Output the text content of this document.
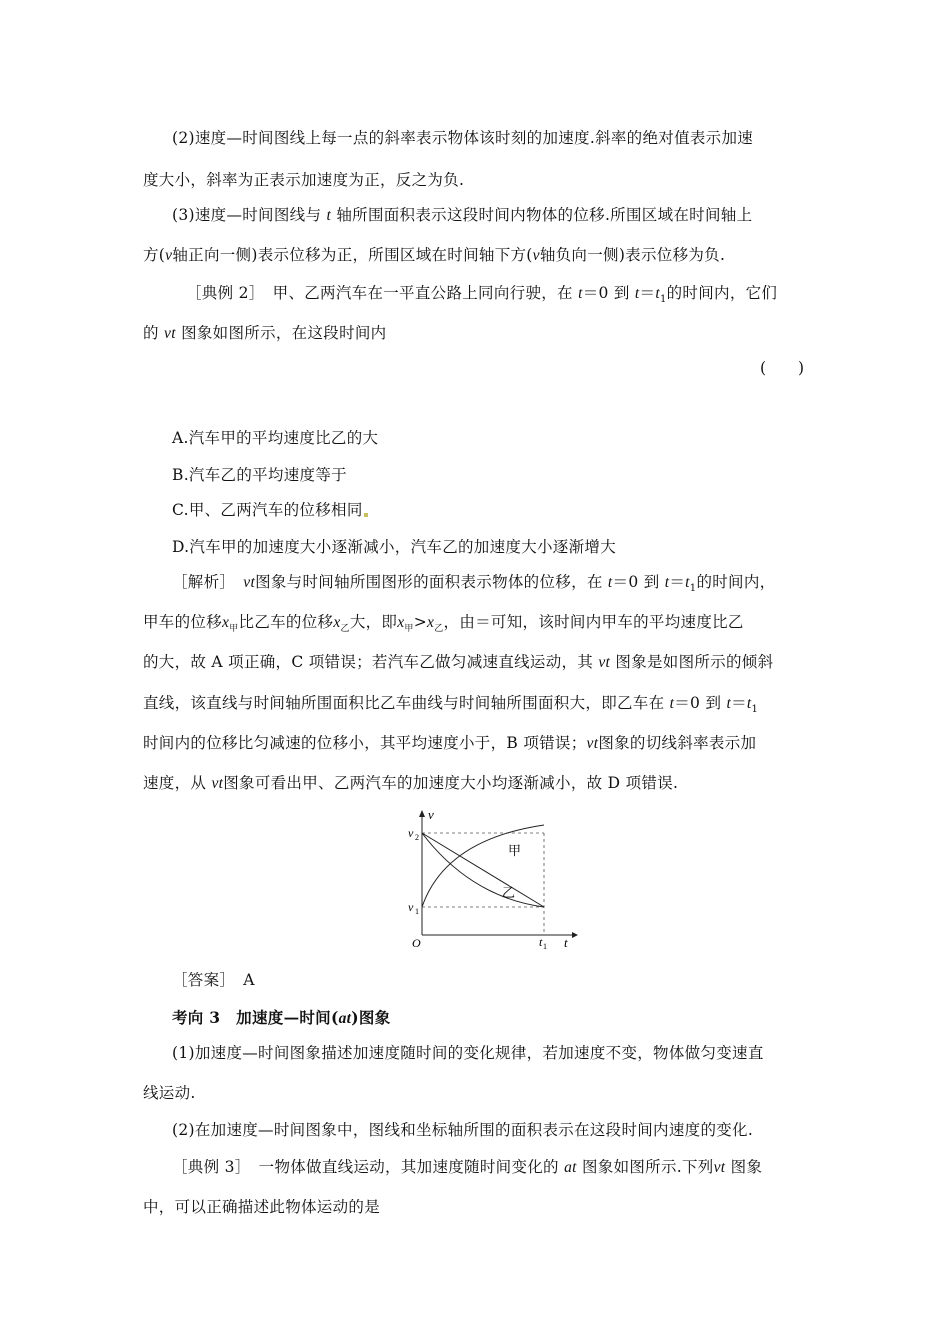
(2)速度—时间图线上每一点的斜率表示物体该时刻的加速度.斜率的绝对值表示加速
度大小，斜率为正表示加速度为正，反之为负.
(3)速度—时间图线与 t 轴所围面积表示这段时间内物体的位移.所围区域在时间轴上
方(v轴正向一侧)表示位移为正，所围区域在时间轴下方(v轴负向一侧)表示位移为负.
［典例 2］　甲、乙两汽车在一平直公路上同向行驶，在 t＝0 到 $t=t_1$的时间内，它们
的 vt 图象如图所示，在这段时间内
(　　)
A.汽车甲的平均速度比乙的大
B.汽车乙的平均速度等于
C.甲、乙两汽车的位移相同
D.汽车甲的加速度大小逐渐减小，汽车乙的加速度大小逐渐增大
［解析］　vt图象与时间轴所围图形的面积表示物体的位移，在 t＝0 到 $t=t_1$的时间内，
甲车的位移$x_甲$比乙车的位移$x_乙$大，即$x_甲>x_乙$，由＝可知，该时间内甲车的平均速度比乙
的大，故 A 项正确，C 项错误；若汽车乙做匀减速直线运动，其 vt 图象是如图所示的倾斜
直线，该直线与时间轴所围面积比乙车曲线与时间轴所围面积大，即乙车在 t＝0 到 $t=t_1$
时间内的位移比匀减速的位移小，其平均速度小于，B 项错误；vt图象的切线斜率表示加
速度，从 vt图象可看出甲、乙两汽车的加速度大小均逐渐减小，故 D 项错误.
v
t
O
v 2
v 1
t 1
甲
乙
［答案］　A
考向 3　加速度—时间(at)图象
(1)加速度—时间图象描述加速度随时间的变化规律，若加速度不变，物体做匀变速直
线运动.
(2)在加速度—时间图象中，图线和坐标轴所围的面积表示在这段时间内速度的变化.
［典例 3］　一物体做直线运动，其加速度随时间变化的 at 图象如图所示.下列vt 图象
中，可以正确描述此物体运动的是
